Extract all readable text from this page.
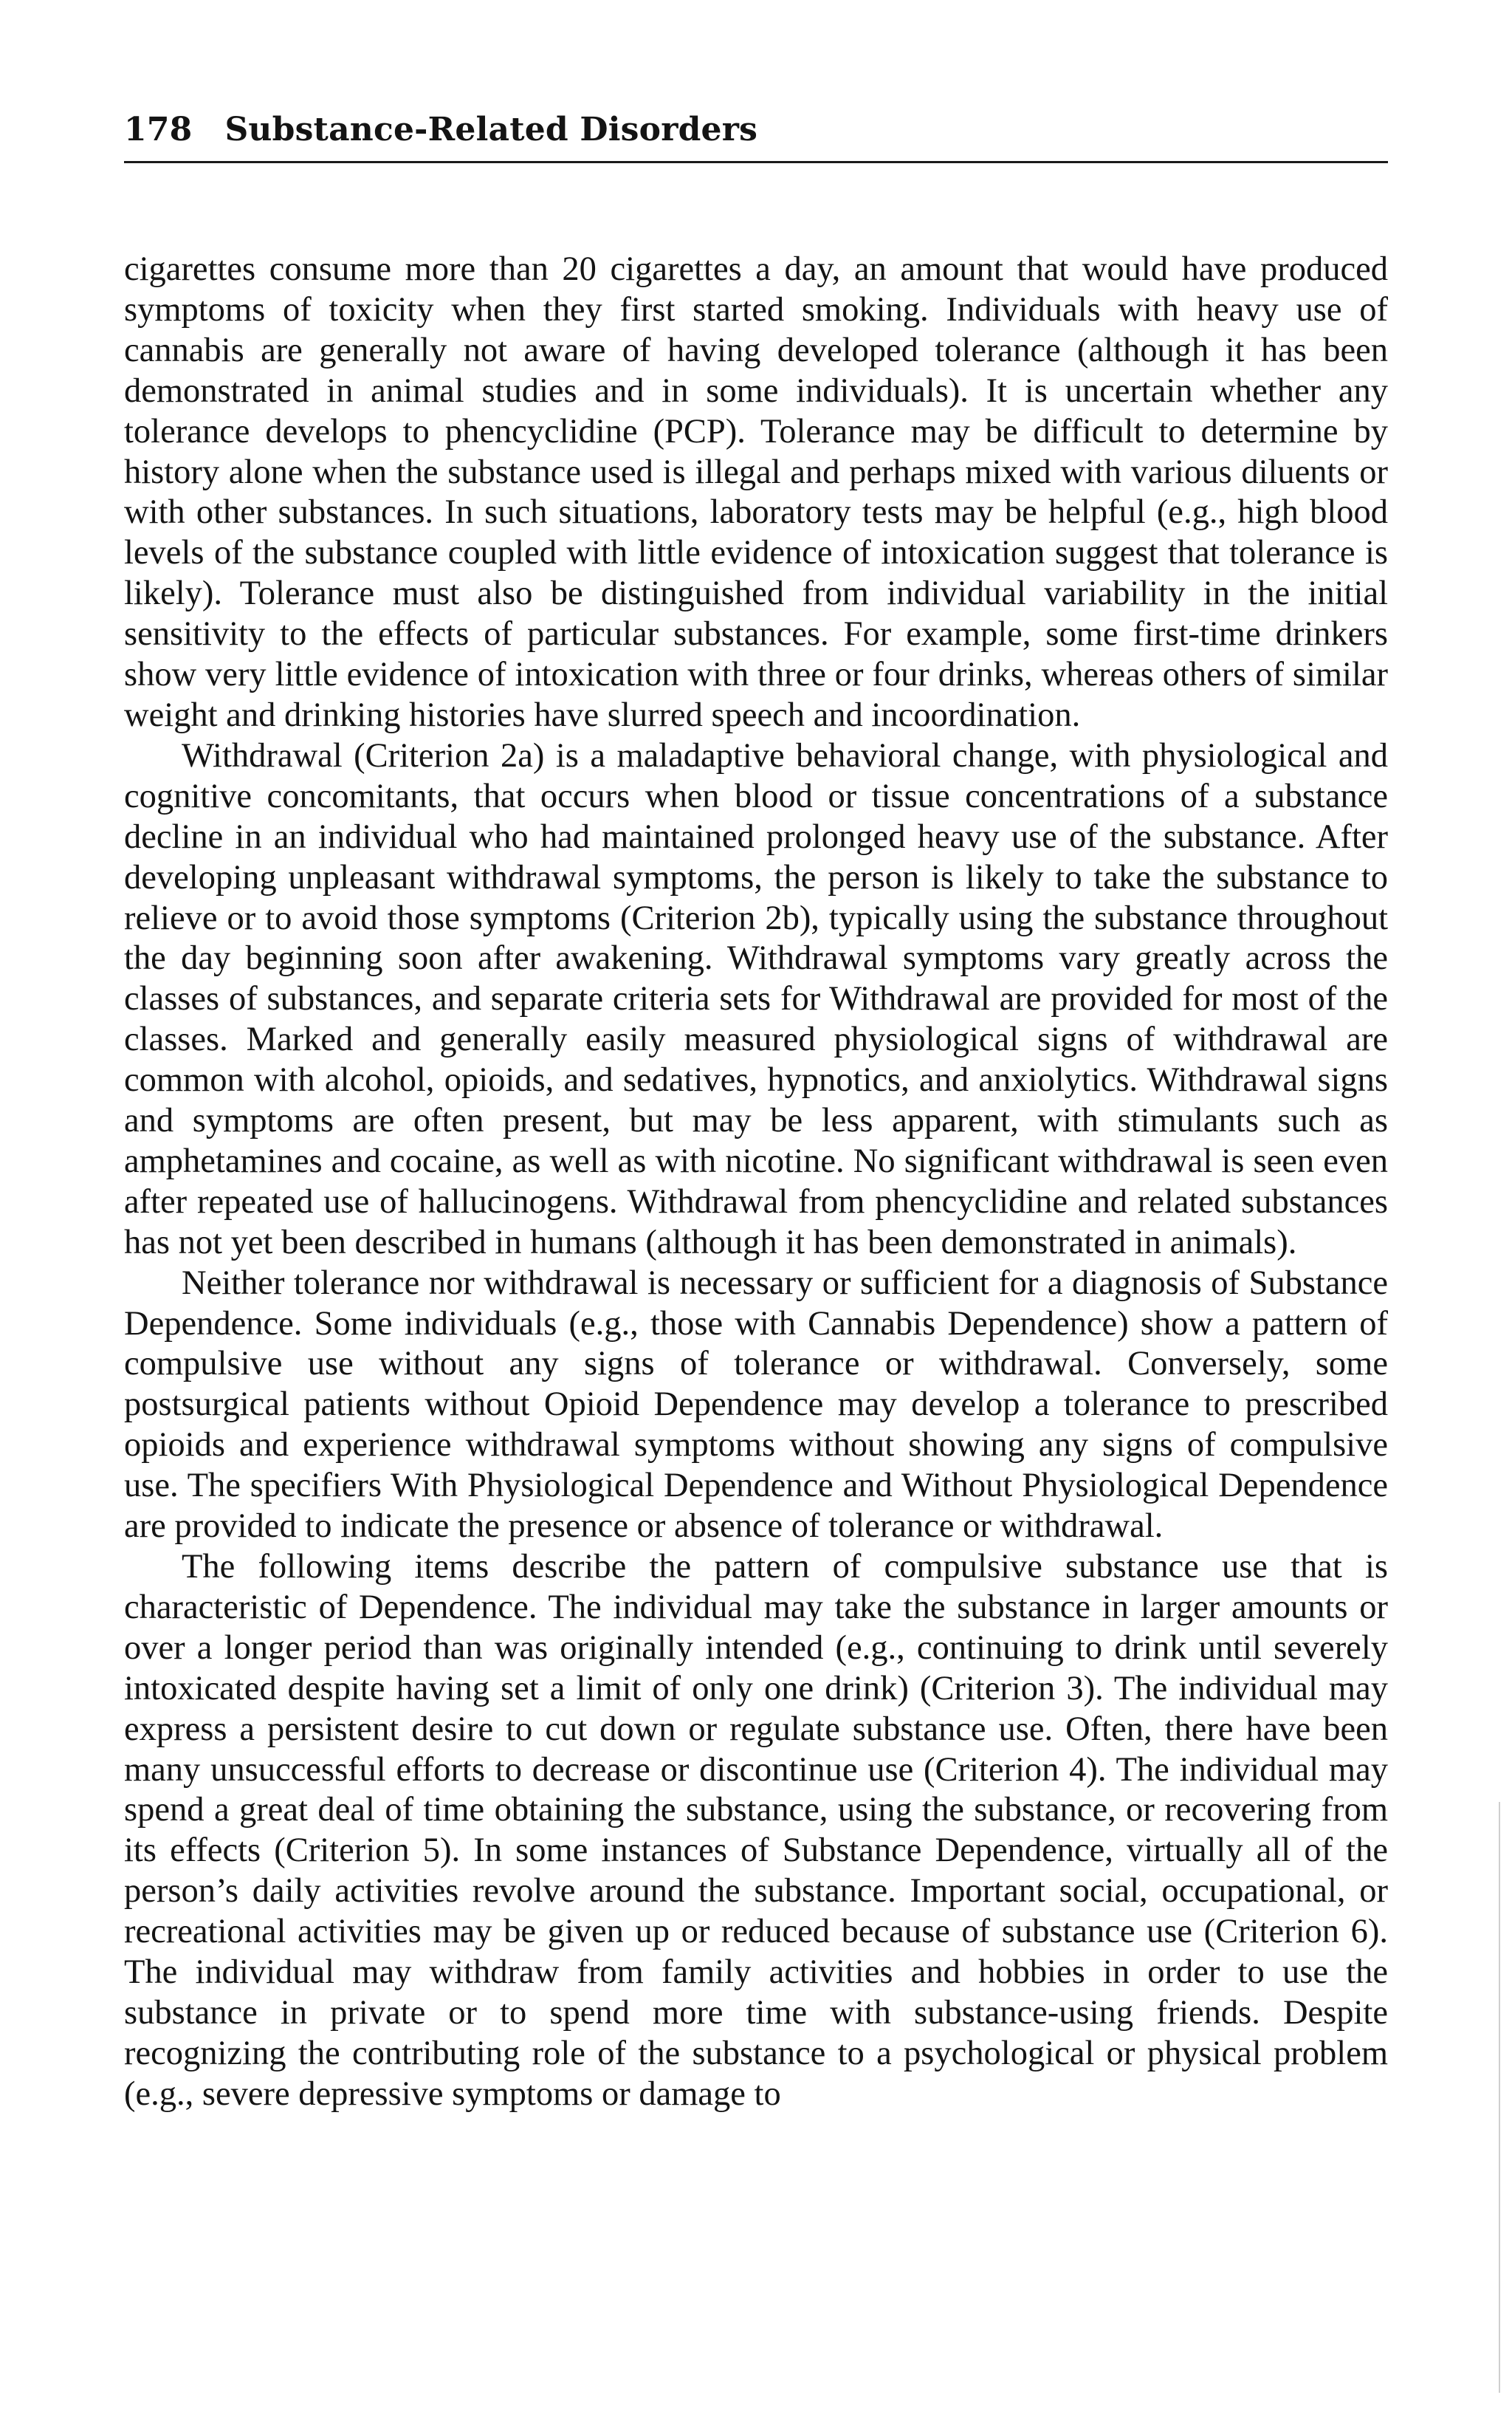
178 Substance-Related Disorders

cigarettes consume more than 20 cigarettes a day, an amount that would have produced symptoms of toxicity when they first started smoking. Individuals with heavy use of cannabis are generally not aware of having developed tolerance (although it has been demonstrated in animal studies and in some individuals). It is uncertain whether any tolerance develops to phencyclidine (PCP). Tolerance may be difficult to determine by history alone when the substance used is illegal and perhaps mixed with various diluents or with other substances. In such situations, laboratory tests may be helpful (e.g., high blood levels of the substance coupled with little evidence of intoxication suggest that tolerance is likely). Tolerance must also be distinguished from individual variability in the initial sensitivity to the effects of particular substances. For example, some first-time drinkers show very little evidence of intoxication with three or four drinks, whereas others of similar weight and drinking histories have slurred speech and incoordination.

Withdrawal (Criterion 2a) is a maladaptive behavioral change, with physiological and cognitive concomitants, that occurs when blood or tissue concentrations of a substance decline in an individual who had maintained prolonged heavy use of the substance. After developing unpleasant withdrawal symptoms, the person is likely to take the substance to relieve or to avoid those symptoms (Criterion 2b), typically using the substance throughout the day beginning soon after awakening. Withdrawal symptoms vary greatly across the classes of substances, and separate criteria sets for Withdrawal are provided for most of the classes. Marked and generally easily measured physiological signs of withdrawal are common with alcohol, opioids, and sedatives, hypnotics, and anxiolytics. Withdrawal signs and symptoms are often present, but may be less apparent, with stimulants such as amphetamines and cocaine, as well as with nicotine. No significant withdrawal is seen even after repeated use of hallucinogens. Withdrawal from phencyclidine and related substances has not yet been described in humans (although it has been demonstrated in animals).

Neither tolerance nor withdrawal is necessary or sufficient for a diagnosis of Substance Dependence. Some individuals (e.g., those with Cannabis Dependence) show a pattern of compulsive use without any signs of tolerance or withdrawal. Conversely, some postsurgical patients without Opioid Dependence may develop a tolerance to prescribed opioids and experience withdrawal symptoms without showing any signs of compulsive use. The specifiers With Physiological Dependence and Without Physiological Dependence are provided to indicate the presence or absence of tolerance or withdrawal.

The following items describe the pattern of compulsive substance use that is characteristic of Dependence. The individual may take the substance in larger amounts or over a longer period than was originally intended (e.g., continuing to drink until severely intoxicated despite having set a limit of only one drink) (Criterion 3). The individual may express a persistent desire to cut down or regulate substance use. Often, there have been many unsuccessful efforts to decrease or discontinue use (Criterion 4). The individual may spend a great deal of time obtaining the substance, using the substance, or recovering from its effects (Criterion 5). In some instances of Substance Dependence, virtually all of the person’s daily activities revolve around the substance. Important social, occupational, or recreational activities may be given up or reduced because of substance use (Criterion 6). The individual may withdraw from family activities and hobbies in order to use the substance in private or to spend more time with substance-using friends. Despite recognizing the contributing role of the substance to a psychological or physical problem (e.g., severe depressive symptoms or damage to
